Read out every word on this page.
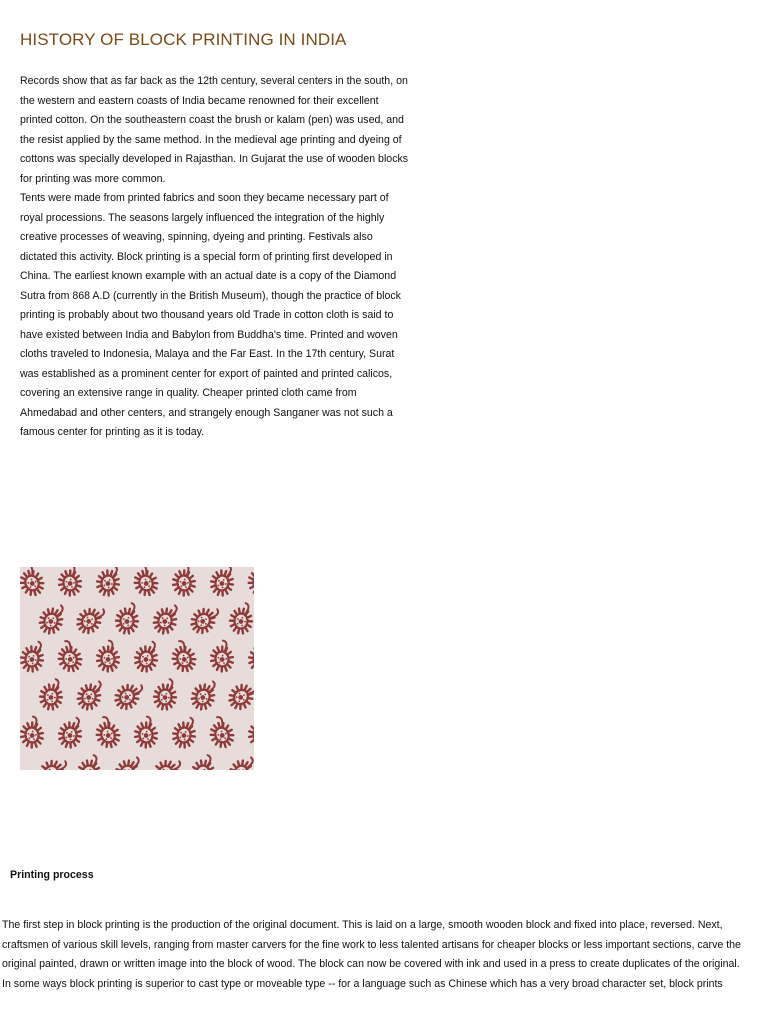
HISTORY OF BLOCK PRINTING IN INDIA

Records show that as far back as the 12th century, several centers in the south, on the western and eastern coasts of India became renowned for their excellent printed cotton. On the southeastern coast the brush or kalam (pen) was used, and the resist applied by the same method. In the medieval age printing and dyeing of cottons was specially developed in Rajasthan. In Gujarat the use of wooden blocks for printing was more common.

Tents were made from printed fabrics and soon they became necessary part of royal processions. The seasons largely influenced the integration of the highly creative processes of weaving, spinning, dyeing and printing. Festivals also dictated this activity. Block printing is a special form of printing first developed in China. The earliest known example with an actual date is a copy of the Diamond Sutra from 868 A.D (currently in the British Museum), though the practice of block printing is probably about two thousand years old Trade in cotton cloth is said to have existed between India and Babylon from Buddha's time. Printed and woven cloths traveled to Indonesia, Malaya and the Far East. In the 17th century, Surat was established as a prominent center for export of painted and printed calicos, covering an extensive range in quality. Cheaper printed cloth came from Ahmedabad and other centers, and strangely enough Sanganer was not such a famous center for printing as it is today.

Printing process

The first step in block printing is the production of the original document. This is laid on a large, smooth wooden block and fixed into place, reversed. Next, craftsmen of various skill levels, ranging from master carvers for the fine work to less talented artisans for cheaper blocks or less important sections, carve the original painted, drawn or written image into the block of wood. The block can now be covered with ink and used in a press to create duplicates of the original.

In some ways block printing is superior to cast type or moveable type -- for a language such as Chinese which has a very broad character set, block prints
